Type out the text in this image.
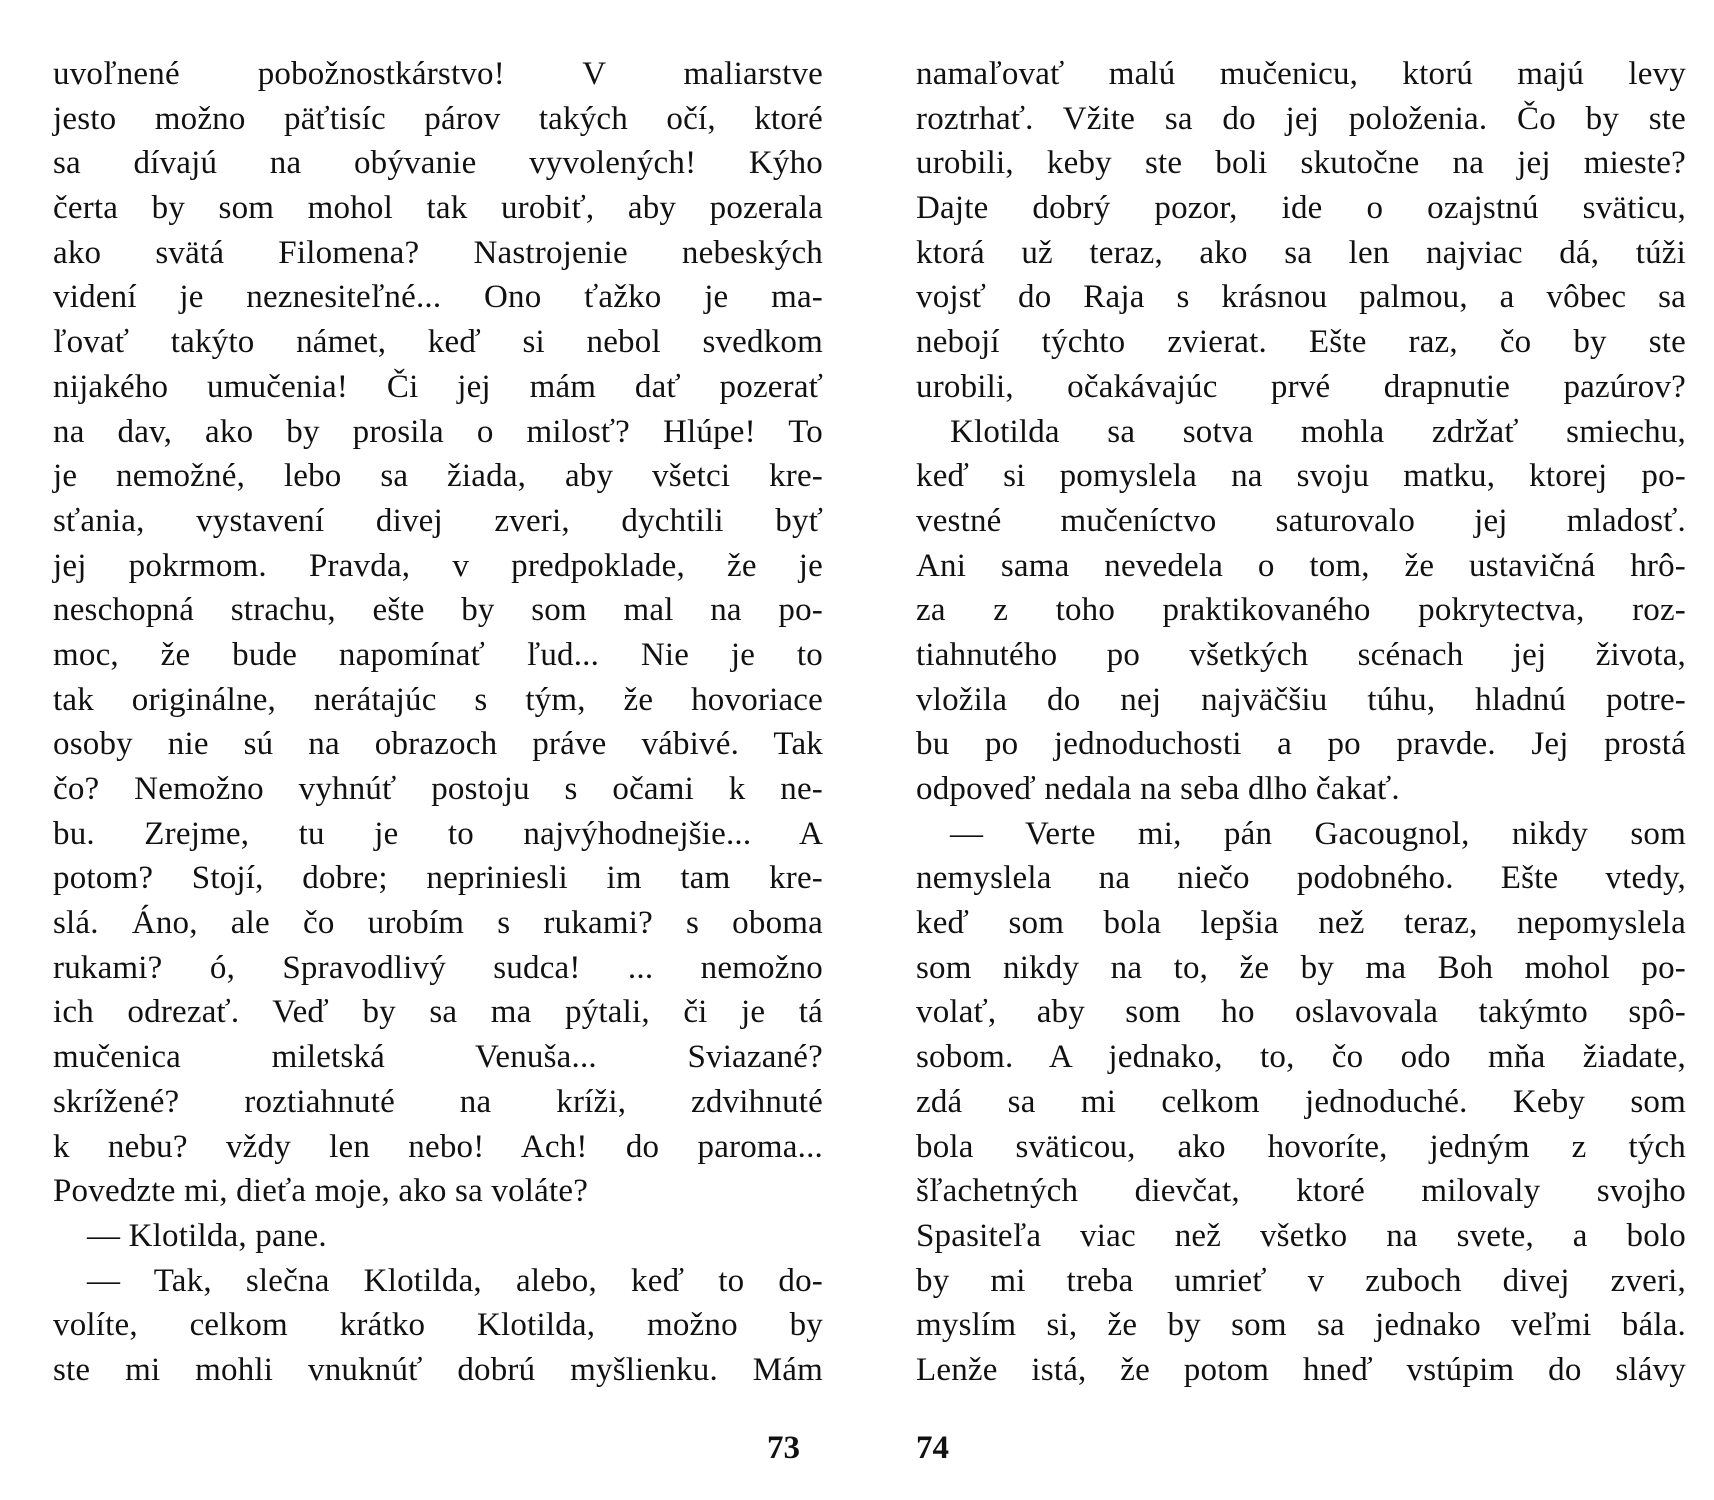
uvoľnené pobožnostkárstvo! V maliarstve
jesto možno päťtisíc párov takých očí, ktoré
sa dívajú na obývanie vyvolených! Kýho
čerta by som mohol tak urobiť, aby pozerala
ako svätá Filomena? Nastrojenie nebeských
videní je neznesiteľné... Ono ťažko je ma-
ľovať takýto námet, keď si nebol svedkom
nijakého umučenia! Či jej mám dať pozerať
na dav, ako by prosila o milosť? Hlúpe! To
je nemožné, lebo sa žiada, aby všetci kre-
sťania, vystavení divej zveri, dychtili byť
jej pokrmom. Pravda, v predpoklade, že je
neschopná strachu, ešte by som mal na po-
moc, že bude napomínať ľud... Nie je to
tak originálne, nerátajúc s tým, že hovoriace
osoby nie sú na obrazoch práve vábivé. Tak
čo? Nemožno vyhnúť postoju s očami k ne-
bu. Zrejme, tu je to najvýhodnejšie... A
potom? Stojí, dobre; nepriniesli im tam kre-
slá. Áno, ale čo urobím s rukami? s oboma
rukami? ó, Spravodlivý sudca! ... nemožno
ich odrezať. Veď by sa ma pýtali, či je tá
mučenica miletská Venuša... Sviazané?
skrížené? roztiahnuté na kríži, zdvihnuté
k nebu? vždy len nebo! Ach! do paroma...
Povedzte mi, dieťa moje, ako sa voláte?
— Klotilda, pane.
— Tak, slečna Klotilda, alebo, keď to do-
volíte, celkom krátko Klotilda, možno by
ste mi mohli vnuknúť dobrú myšlienku. Mám
namaľovať malú mučenicu, ktorú majú levy
roztrhať. Vžite sa do jej položenia. Čo by ste
urobili, keby ste boli skutočne na jej mieste?
Dajte dobrý pozor, ide o ozajstnú sväticu,
ktorá už teraz, ako sa len najviac dá, túži
vojsť do Raja s krásnou palmou, a vôbec sa
nebojí týchto zvierat. Ešte raz, čo by ste
urobili, očakávajúc prvé drapnutie pazúrov?
Klotilda sa sotva mohla zdržať smiechu,
keď si pomyslela na svoju matku, ktorej po-
vestné mučeníctvo saturovalo jej mladosť.
Ani sama nevedela o tom, že ustavičná hrô-
za z toho praktikovaného pokrytectva, roz-
tiahnutého po všetkých scénach jej života,
vložila do nej najväčšiu túhu, hladnú potre-
bu po jednoduchosti a po pravde. Jej prostá
odpoveď nedala na seba dlho čakať.
— Verte mi, pán Gacougnol, nikdy som
nemyslela na niečo podobného. Ešte vtedy,
keď som bola lepšia než teraz, nepomyslela
som nikdy na to, že by ma Boh mohol po-
volať, aby som ho oslavovala takýmto spô-
sobom. A jednako, to, čo odo mňa žiadate,
zdá sa mi celkom jednoduché. Keby som
bola sväticou, ako hovoríte, jedným z tých
šľachetných dievčat, ktoré milovaly svojho
Spasiteľa viac než všetko na svete, a bolo
by mi treba umrieť v zuboch divej zveri,
myslím si, že by som sa jednako veľmi bála.
Lenže istá, že potom hneď vstúpim do slávy
73	74
